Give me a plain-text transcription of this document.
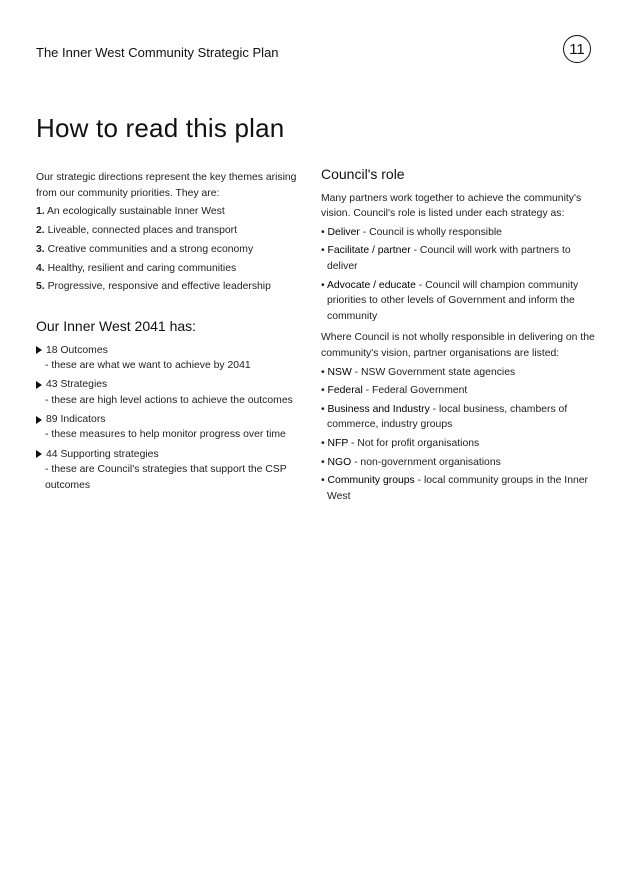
The Inner West Community Strategic Plan	11
How to read this plan

Our strategic directions represent the key themes arising from our community priorities. They are:

1. An ecologically sustainable Inner West
2. Liveable, connected places and transport
3. Creative communities and a strong economy
4. Healthy, resilient and caring communities
5. Progressive, responsive and effective leadership
Our Inner West 2041 has:
18 Outcomes
- these are what we want to achieve by 2041
43 Strategies
- these are high level actions to achieve the outcomes
89 Indicators
- these measures to help monitor progress over time
44 Supporting strategies
- these are Council's strategies that support the CSP outcomes
Council's role

Many partners work together to achieve the community's vision. Council's role is listed under each strategy as:

• Deliver - Council is wholly responsible
• Facilitate / partner - Council will work with partners to deliver
• Advocate / educate - Council will champion community priorities to other levels of Government and inform the community

Where Council is not wholly responsible in delivering on the community's vision, partner organisations are listed:

• NSW - NSW Government state agencies
• Federal - Federal Government
• Business and Industry - local business, chambers of commerce, industry groups
• NFP - Not for profit organisations
• NGO - non-government organisations
• Community groups - local community groups in the Inner West
